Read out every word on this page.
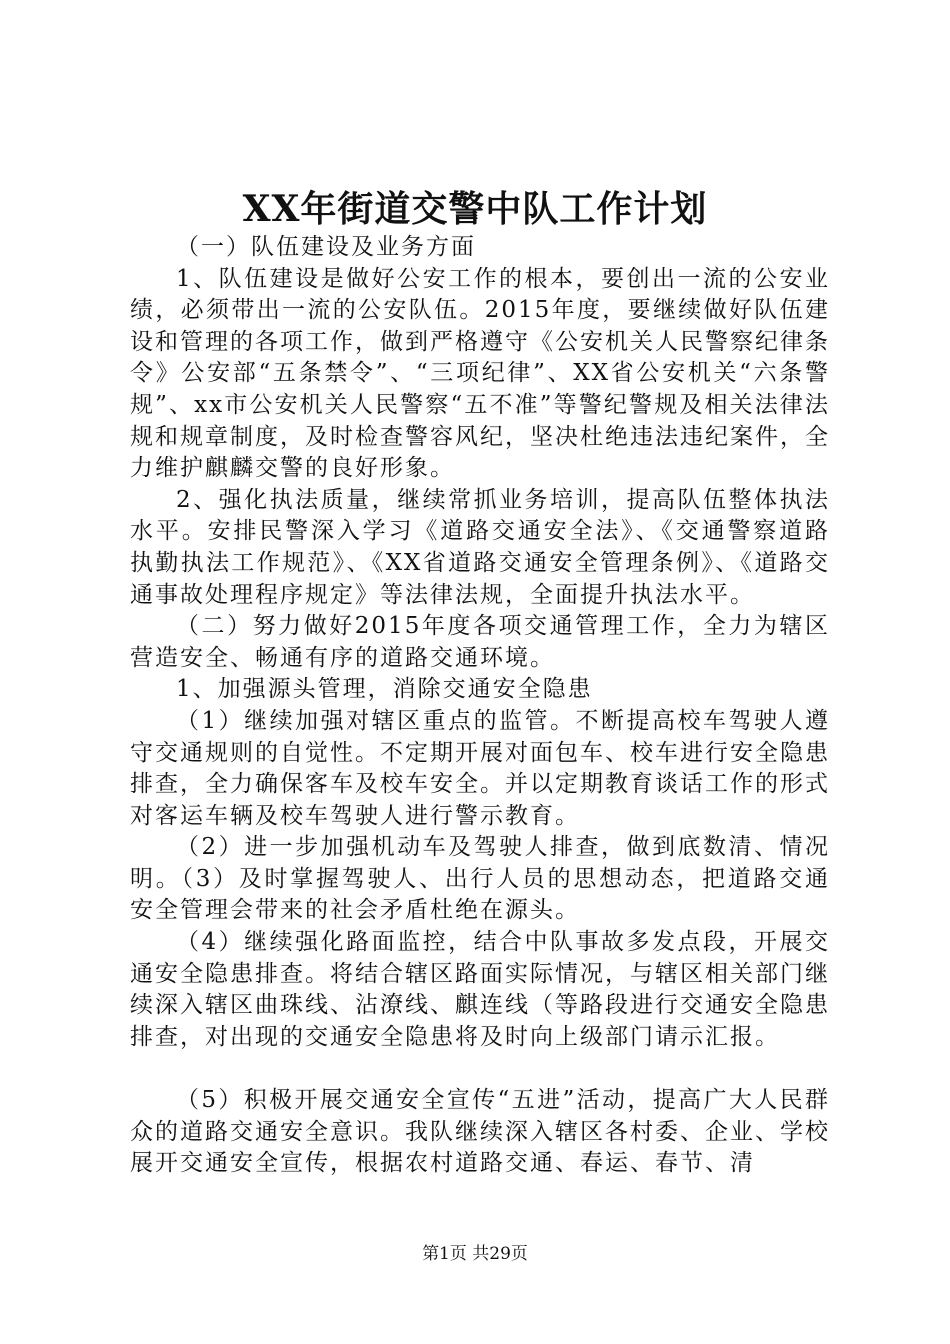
XX年街道交警中队工作计划

（一）队伍建设及业务方面

1、队伍建设是做好公安工作的根本，要创出一流的公安业绩，必须带出一流的公安队伍。2015年度，要继续做好队伍建设和管理的各项工作，做到严格遵守《公安机关人民警察纪律条令》公安部“五条禁令”、“三项纪律”、XX省公安机关“六条警规”、xx市公安机关人民警察“五不准”等警纪警规及相关法律法规和规章制度，及时检查警容风纪，坚决杜绝违法违纪案件，全力维护麒麟交警的良好形象。

2、强化执法质量，继续常抓业务培训，提高队伍整体执法水平。安排民警深入学习《道路交通安全法》、《交通警察道路执勤执法工作规范》、《XX省道路交通安全管理条例》、《道路交通事故处理程序规定》等法律法规，全面提升执法水平。

（二）努力做好2015年度各项交通管理工作，全力为辖区营造安全、畅通有序的道路交通环境。

1、加强源头管理，消除交通安全隐患

（1）继续加强对辖区重点的监管。不断提高校车驾驶人遵守交通规则的自觉性。不定期开展对面包车、校车进行安全隐患排查，全力确保客车及校车安全。并以定期教育谈话工作的形式对客运车辆及校车驾驶人进行警示教育。

（2）进一步加强机动车及驾驶人排查，做到底数清、情况明。（3）及时掌握驾驶人、出行人员的思想动态，把道路交通安全管理会带来的社会矛盾杜绝在源头。

（4）继续强化路面监控，结合中队事故多发点段，开展交通安全隐患排查。将结合辖区路面实际情况，与辖区相关部门继续深入辖区曲珠线、沾潦线、麒连线（等路段进行交通安全隐患排查，对出现的交通安全隐患将及时向上级部门请示汇报。

（5）积极开展交通安全宣传“五进”活动，提高广大人民群众的道路交通安全意识。我队继续深入辖区各村委、企业、学校展开交通安全宣传，根据农村道路交通、春运、春节、清

第1页 共29页
